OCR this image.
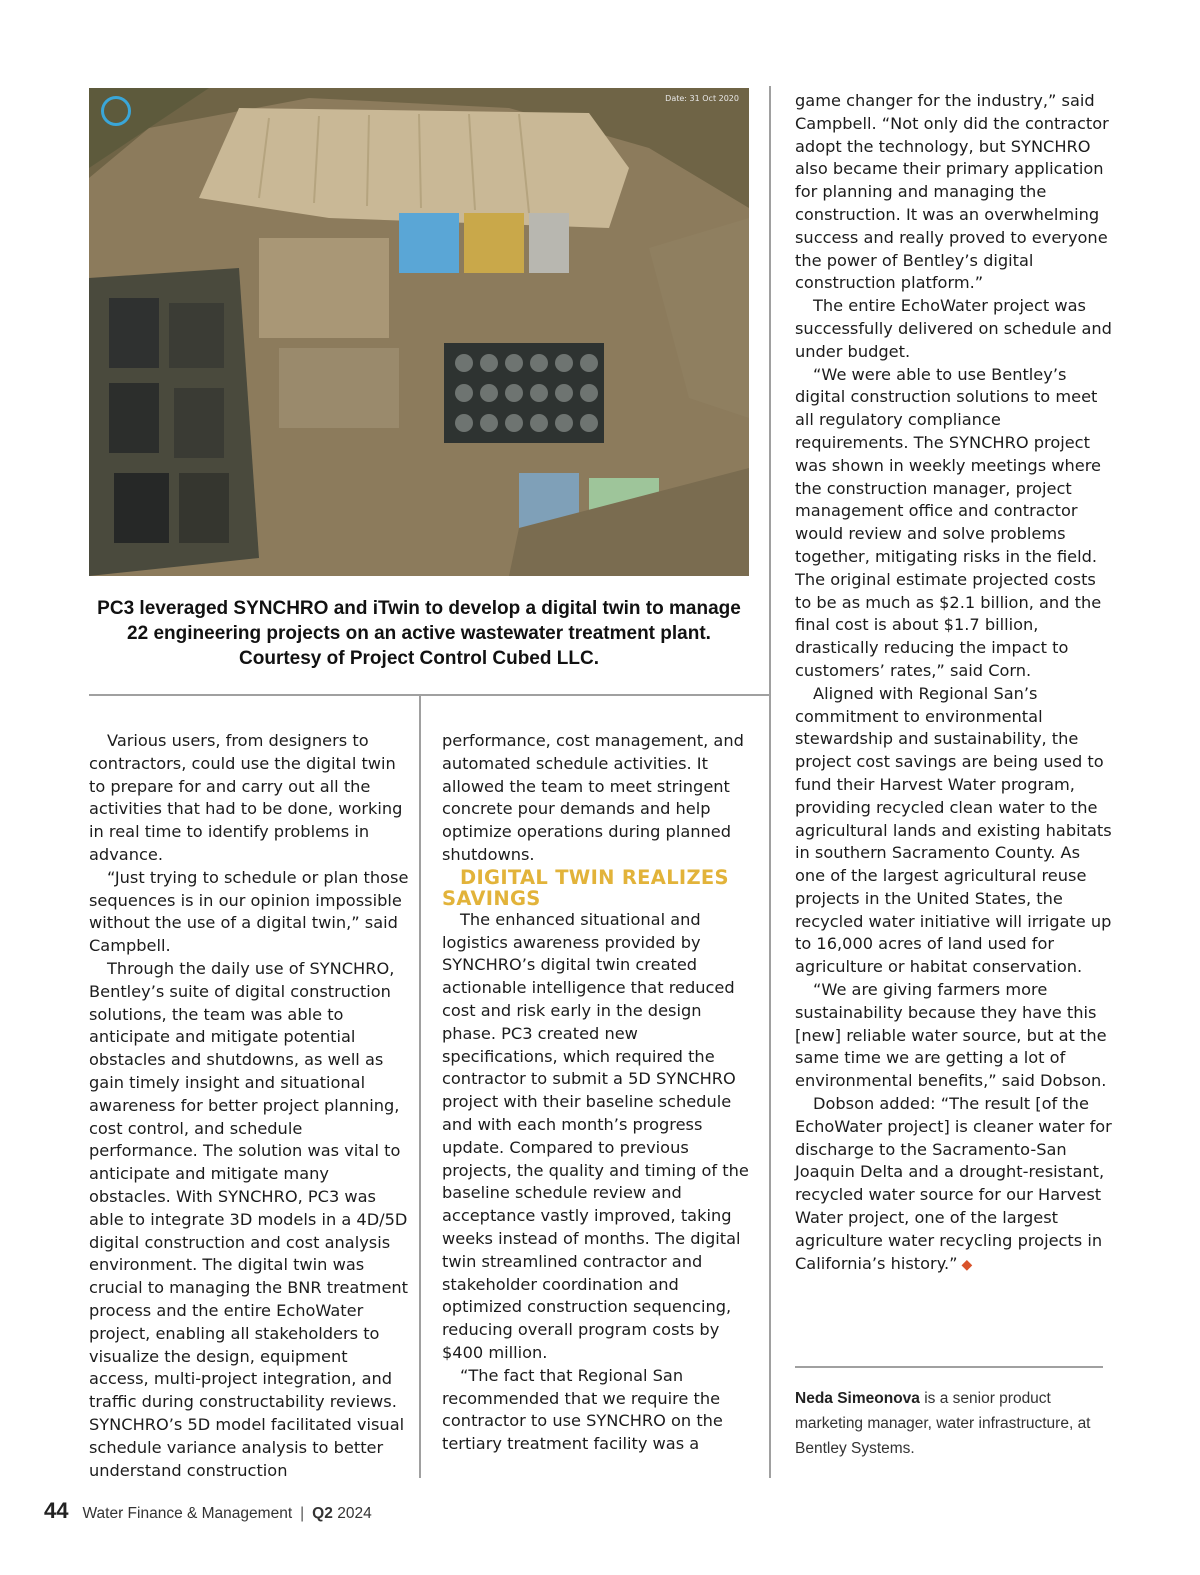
Date: 31 Oct 2020
PC3 leveraged SYNCHRO and iTwin to develop a digital twin to manage 22 engineering projects on an active wastewater treatment plant. Courtesy of Project Control Cubed LLC.

Various users, from designers to contractors, could use the digital twin to prepare for and carry out all the activities that had to be done, working in real time to identify problems in advance.

“Just trying to schedule or plan those sequences is in our opinion impossible without the use of a digital twin,” said Campbell.

Through the daily use of SYNCHRO, Bentley’s suite of digital construction solutions, the team was able to anticipate and mitigate potential obstacles and shutdowns, as well as gain timely insight and situational awareness for better project planning, cost control, and schedule performance. The solution was vital to anticipate and mitigate many obstacles. With SYNCHRO, PC3 was able to integrate 3D models in a 4D/5D digital construction and cost analysis environment. The digital twin was crucial to managing the BNR treatment process and the entire EchoWater project, enabling all stakeholders to visualize the design, equipment access, multi-project integration, and traffic during constructability reviews. SYNCHRO’s 5D model facilitated visual schedule variance analysis to better understand construction

performance, cost management, and automated schedule activities. It allowed the team to meet stringent concrete pour demands and help optimize operations during planned shutdowns.

DIGITAL TWIN REALIZES SAVINGS

The enhanced situational and logistics awareness provided by SYNCHRO’s digital twin created actionable intelligence that reduced cost and risk early in the design phase. PC3 created new specifications, which required the contractor to submit a 5D SYNCHRO project with their baseline schedule and with each month’s progress update. Compared to previous projects, the quality and timing of the baseline schedule review and acceptance vastly improved, taking weeks instead of months. The digital twin streamlined contractor and stakeholder coordination and optimized construction sequencing, reducing overall program costs by $400 million.

“The fact that Regional San recommended that we require the contractor to use SYNCHRO on the tertiary treatment facility was a

game changer for the industry,” said Campbell. “Not only did the contractor adopt the technology, but SYNCHRO also became their primary application for planning and managing the construction. It was an overwhelming success and really proved to everyone the power of Bentley’s digital construction platform.”

The entire EchoWater project was successfully delivered on schedule and under budget.

“We were able to use Bentley’s digital construction solutions to meet all regulatory compliance requirements. The SYNCHRO project was shown in weekly meetings where the construction manager, project management office and contractor would review and solve problems together, mitigating risks in the field. The original estimate projected costs to be as much as $2.1 billion, and the final cost is about $1.7 billion, drastically reducing the impact to customers’ rates,” said Corn.

Aligned with Regional San’s commitment to environmental stewardship and sustainability, the project cost savings are being used to fund their Harvest Water program, providing recycled clean water to the agricultural lands and existing habitats in southern Sacramento County. As one of the largest agricultural reuse projects in the United States, the recycled water initiative will irrigate up to 16,000 acres of land used for agriculture or habitat conservation.

“We are giving farmers more sustainability because they have this [new] reliable water source, but at the same time we are getting a lot of environmental benefits,” said Dobson.

Dobson added: “The result [of the EchoWater project] is cleaner water for discharge to the Sacramento-San Joaquin Delta and a drought-resistant, recycled water source for our Harvest Water project, one of the largest agriculture water recycling projects in California’s history.” ◆

Neda Simeonova is a senior product marketing manager, water infrastructure, at Bentley Systems.
44 Water Finance & Management | Q2 2024
